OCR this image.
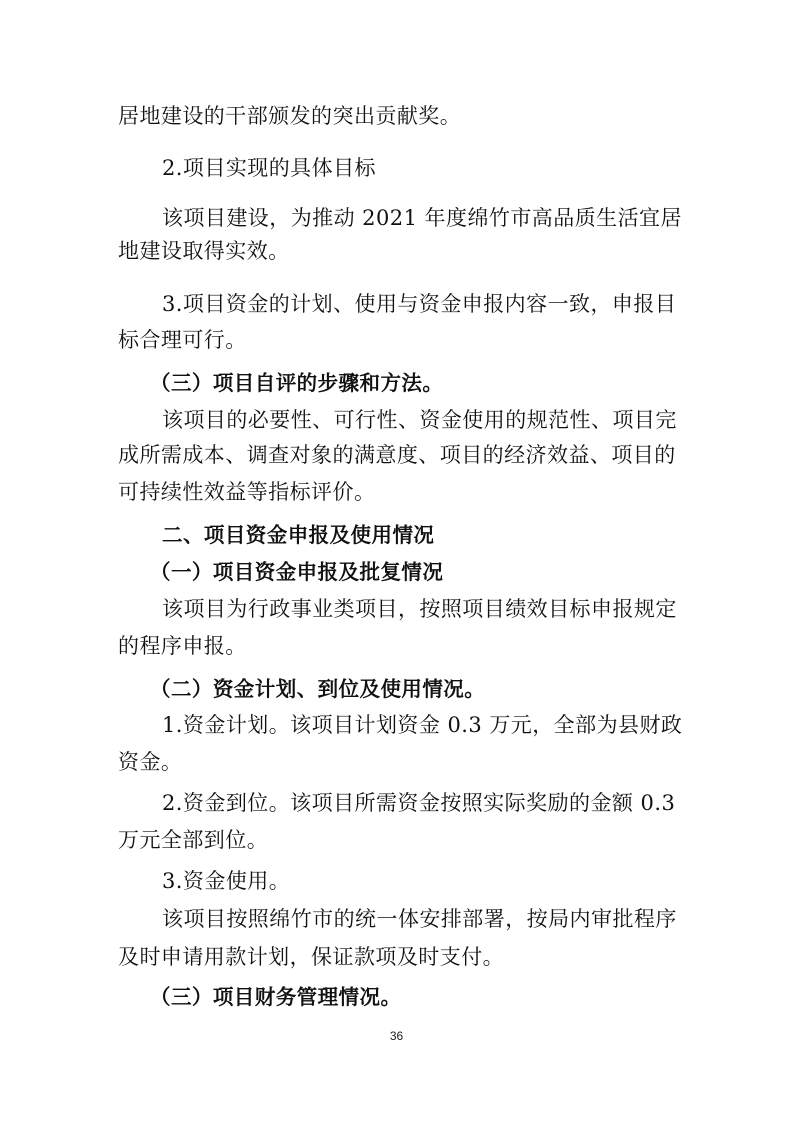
居地建设的干部颁发的突出贡献奖。
2.项目实现的具体目标
该项目建设，为推动 2021 年度绵竹市高品质生活宜居
地建设取得实效。
3.项目资金的计划、使用与资金申报内容一致，申报目
标合理可行。
（三）项目自评的步骤和方法。
该项目的必要性、可行性、资金使用的规范性、项目完
成所需成本、调查对象的满意度、项目的经济效益、项目的
可持续性效益等指标评价。
二、项目资金申报及使用情况
（一）项目资金申报及批复情况
该项目为行政事业类项目，按照项目绩效目标申报规定
的程序申报。
（二）资金计划、到位及使用情况。
1.资金计划。该项目计划资金 0.3 万元，全部为县财政
资金。
2.资金到位。该项目所需资金按照实际奖励的金额 0.3
万元全部到位。
3.资金使用。
该项目按照绵竹市的统一体安排部署，按局内审批程序
及时申请用款计划，保证款项及时支付。
（三）项目财务管理情况。
36
